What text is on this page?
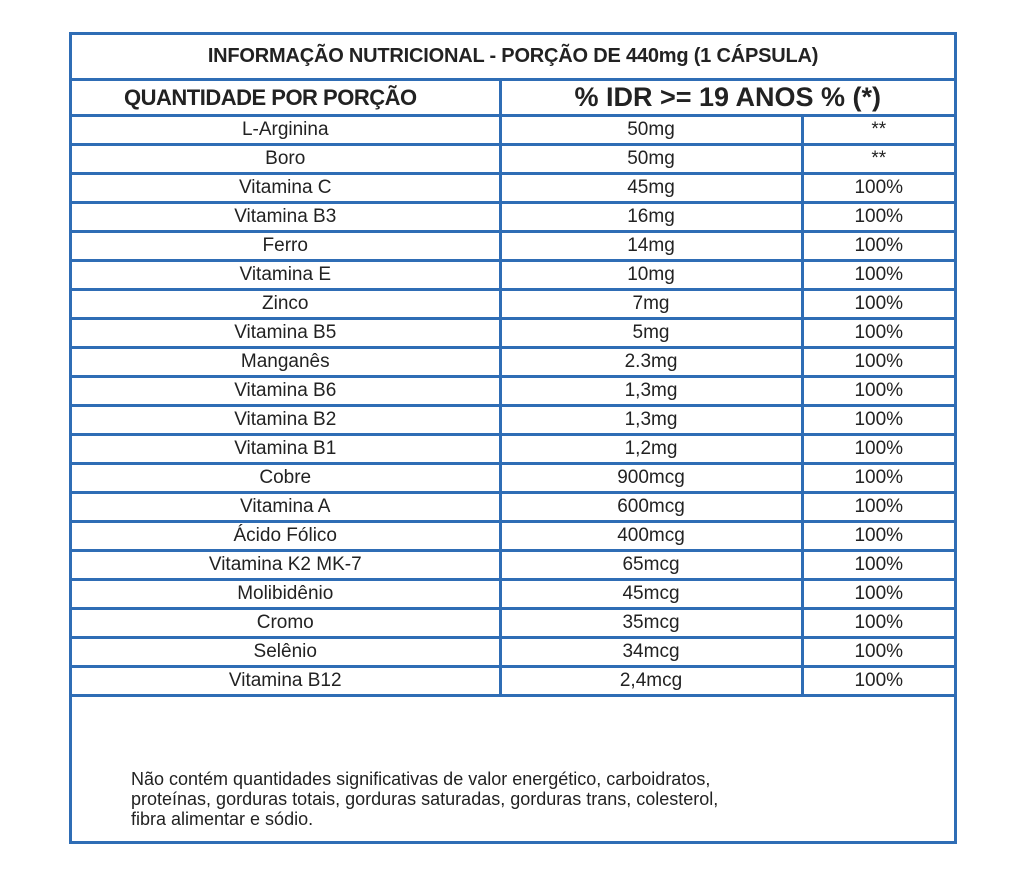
INFORMAÇÃO NUTRICIONAL - PORÇÃO DE 440mg (1 CÁPSULA)		
QUANTIDADE POR PORÇÃO	% IDR >= 19 ANOS % (*)	
L-Arginina	50mg	**
Boro	50mg	**
Vitamina C	45mg	100%
Vitamina B3	16mg	100%
Ferro	14mg	100%
Vitamina E	10mg	100%
Zinco	7mg	100%
Vitamina B5	5mg	100%
Manganês	2.3mg	100%
Vitamina B6	1,3mg	100%
Vitamina B2	1,3mg	100%
Vitamina B1	1,2mg	100%
Cobre	900mcg	100%
Vitamina A	600mcg	100%
Ácido Fólico	400mcg	100%
Vitamina K2 MK-7	65mcg	100%
Molibidênio	45mcg	100%
Cromo	35mcg	100%
Selênio	34mcg	100%
Vitamina B12	2,4mcg	100%
Não contém quantidades significativas de valor energético, carboidratos,
proteínas, gorduras totais, gorduras saturadas, gorduras trans, colesterol,
fibra alimentar e sódio.
